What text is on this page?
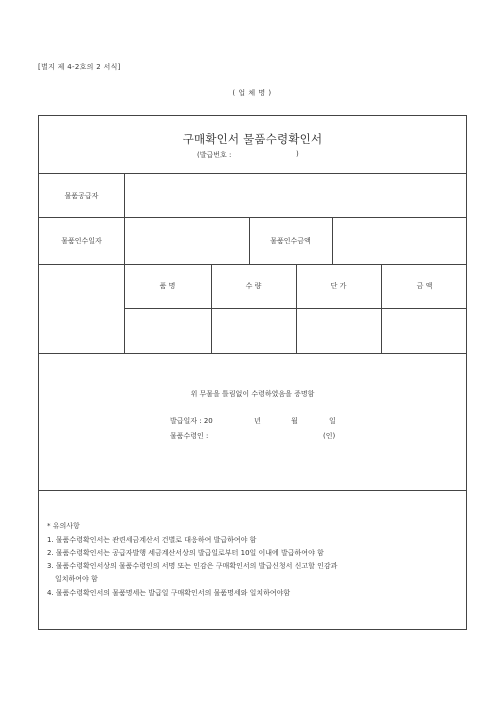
[별지 제 4-2호의 2 서식]
( 업 체 명 )
구매확인서 물품수령확인서
(발급번호 :	)
물품공급자
물품인수일자	물품인수금액
품 명	수 량	단 가	금 액
위 무물을 틀림없이 수령하였음을 증명함
발급일자 : 20	년	월	일
물품수령인 :	(인)
* 유의사항
1. 물품수령확인서는 관련세금계산서 건별로 대응하여 발급하여야 함
2. 물품수령확인서는 공급자발행 세금계산서상의 발급일로부터 10일 이내에 발급하여야 함
3. 물품수령확인서상의 물품수령인의 서명 또는 인감은 구매확인서의 발급신청서 신고할 인감과
일치하여야 함
4. 물품수령확인서의 물품명세는 발급일 구매확인서의 물품명세와 일치하여야함
